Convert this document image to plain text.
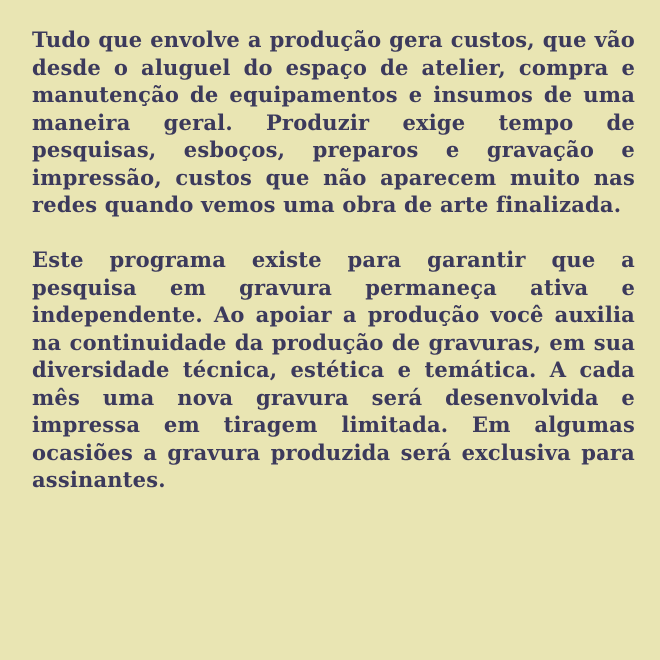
Tudo que envolve a produção gera custos, que vão desde o aluguel do espaço de atelier, compra e manutenção de equipamentos e insumos de uma maneira geral. Produzir exige tempo de pesquisas, esboços, preparos e gravação e impressão, custos que não aparecem muito nas redes quando vemos uma obra de arte finalizada.

Este programa existe para garantir que a pesquisa em gravura permaneça ativa e independente. Ao apoiar a produção você auxilia na continuidade da produção de gravuras, em sua diversidade técnica, estética e temática. A cada mês uma nova gravura será desenvolvida e impressa em tiragem limitada. Em algumas ocasiões a gravura produzida será exclusiva para assinantes.
